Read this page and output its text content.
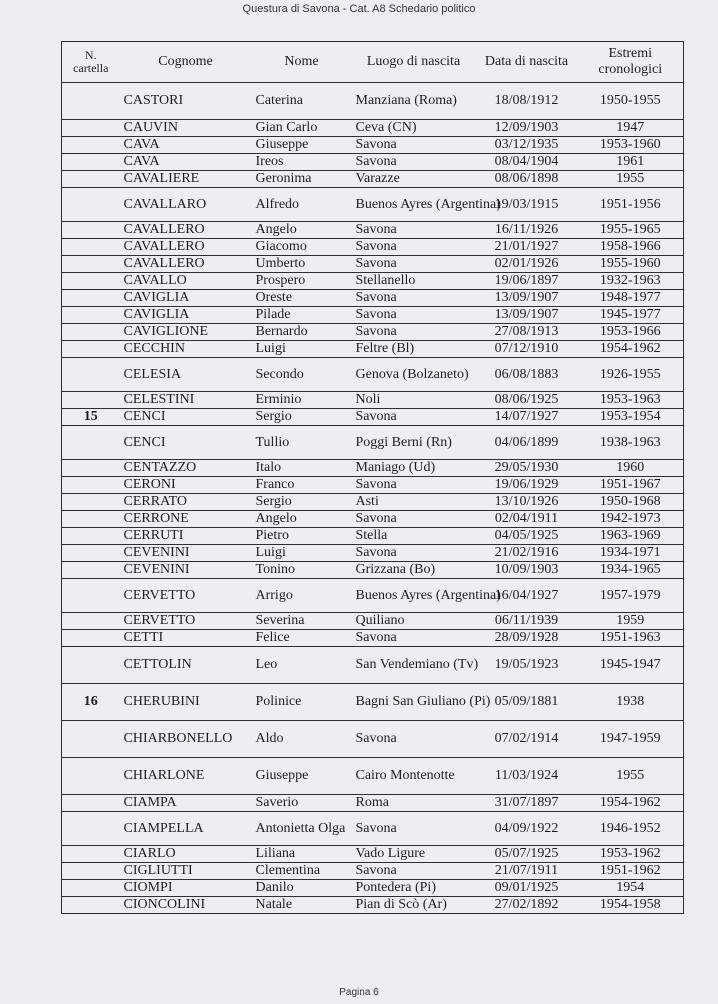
Questura di Savona - Cat. A8 Schedario politico
N. cartella	Cognome	Nome	Luogo di nascita	Data di nascita	Estremi cronologici
	CASTORI	Caterina	Manziana (Roma)	18/08/1912	1950-1955
	CAUVIN	Gian Carlo	Ceva (CN)	12/09/1903	1947
	CAVA	Giuseppe	Savona	03/12/1935	1953-1960
	CAVA	Ireos	Savona	08/04/1904	1961
	CAVALIERE	Geronima	Varazze	08/06/1898	1955
	CAVALLARO	Alfredo	Buenos Ayres (Argentina)	19/03/1915	1951-1956
	CAVALLERO	Angelo	Savona	16/11/1926	1955-1965
	CAVALLERO	Giacomo	Savona	21/01/1927	1958-1966
	CAVALLERO	Umberto	Savona	02/01/1926	1955-1960
	CAVALLO	Prospero	Stellanello	19/06/1897	1932-1963
	CAVIGLIA	Oreste	Savona	13/09/1907	1948-1977
	CAVIGLIA	Pilade	Savona	13/09/1907	1945-1977
	CAVIGLIONE	Bernardo	Savona	27/08/1913	1953-1966
	CECCHIN	Luigi	Feltre (Bl)	07/12/1910	1954-1962
	CELESIA	Secondo	Genova (Bolzaneto)	06/08/1883	1926-1955
	CELESTINI	Erminio	Noli	08/06/1925	1953-1963
15	CENCI	Sergio	Savona	14/07/1927	1953-1954
	CENCI	Tullio	Poggi Berni (Rn)	04/06/1899	1938-1963
	CENTAZZO	Italo	Maniago (Ud)	29/05/1930	1960
	CERONI	Franco	Savona	19/06/1929	1951-1967
	CERRATO	Sergio	Asti	13/10/1926	1950-1968
	CERRONE	Angelo	Savona	02/04/1911	1942-1973
	CERRUTI	Pietro	Stella	04/05/1925	1963-1969
	CEVENINI	Luigi	Savona	21/02/1916	1934-1971
	CEVENINI	Tonino	Grizzana (Bo)	10/09/1903	1934-1965
	CERVETTO	Arrigo	Buenos Ayres (Argentina)	16/04/1927	1957-1979
	CERVETTO	Severina	Quiliano	06/11/1939	1959
	CETTI	Felice	Savona	28/09/1928	1951-1963
	CETTOLIN	Leo	San Vendemiano (Tv)	19/05/1923	1945-1947
16	CHERUBINI	Polinice	Bagni San Giuliano (Pi)	05/09/1881	1938
	CHIARBONELLO	Aldo	Savona	07/02/1914	1947-1959
	CHIARLONE	Giuseppe	Cairo Montenotte	11/03/1924	1955
	CIAMPA	Saverio	Roma	31/07/1897	1954-1962
	CIAMPELLA	Antonietta Olga	Savona	04/09/1922	1946-1952
	CIARLO	Liliana	Vado Ligure	05/07/1925	1953-1962
	CIGLIUTTI	Clementina	Savona	21/07/1911	1951-1962
	CIOMPI	Danilo	Pontedera (Pi)	09/01/1925	1954
	CIONCOLINI	Natale	Pian di Scò (Ar)	27/02/1892	1954-1958
Pagina 6
